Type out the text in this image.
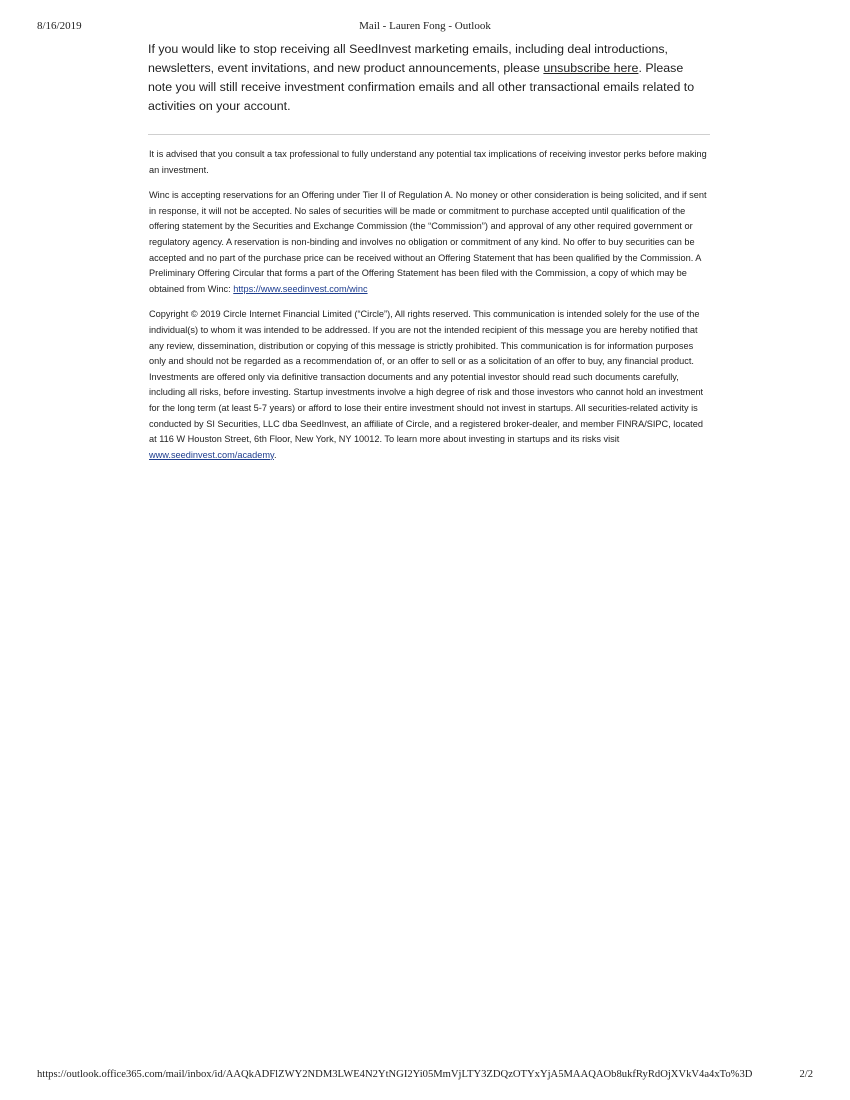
8/16/2019	Mail - Lauren Fong - Outlook

If you would like to stop receiving all SeedInvest marketing emails, including deal introductions, newsletters, event invitations, and new product announcements, please unsubscribe here. Please note you will still receive investment confirmation emails and all other transactional emails related to activities on your account.

It is advised that you consult a tax professional to fully understand any potential tax implications of receiving investor perks before making an investment.

Winc is accepting reservations for an Offering under Tier II of Regulation A. No money or other consideration is being solicited, and if sent in response, it will not be accepted. No sales of securities will be made or commitment to purchase accepted until qualification of the offering statement by the Securities and Exchange Commission (the “Commission”) and approval of any other required government or regulatory agency. A reservation is non-binding and involves no obligation or commitment of any kind. No offer to buy securities can be accepted and no part of the purchase price can be received without an Offering Statement that has been qualified by the Commission. A Preliminary Offering Circular that forms a part of the Offering Statement has been filed with the Commission, a copy of which may be obtained from Winc: https://www.seedinvest.com/winc

Copyright © 2019 Circle Internet Financial Limited (“Circle”), All rights reserved. This communication is intended solely for the use of the individual(s) to whom it was intended to be addressed. If you are not the intended recipient of this message you are hereby notified that any review, dissemination, distribution or copying of this message is strictly prohibited. This communication is for information purposes only and should not be regarded as a recommendation of, or an offer to sell or as a solicitation of an offer to buy, any financial product. Investments are offered only via definitive transaction documents and any potential investor should read such documents carefully, including all risks, before investing. Startup investments involve a high degree of risk and those investors who cannot hold an investment for the long term (at least 5-7 years) or afford to lose their entire investment should not invest in startups. All securities-related activity is conducted by SI Securities, LLC dba SeedInvest, an affiliate of Circle, and a registered broker-dealer, and member FINRA/SIPC, located at 116 W Houston Street, 6th Floor, New York, NY 10012. To learn more about investing in startups and its risks visit www.seedinvest.com/academy.

https://outlook.office365.com/mail/inbox/id/AAQkADFlZWY2NDM3LWE4N2YtNGI2Yi05MmVjLTY3ZDQzOTYxYjA5MAAQAOb8ukfRyRdOjXVkV4a4xTo%3D	2/2
